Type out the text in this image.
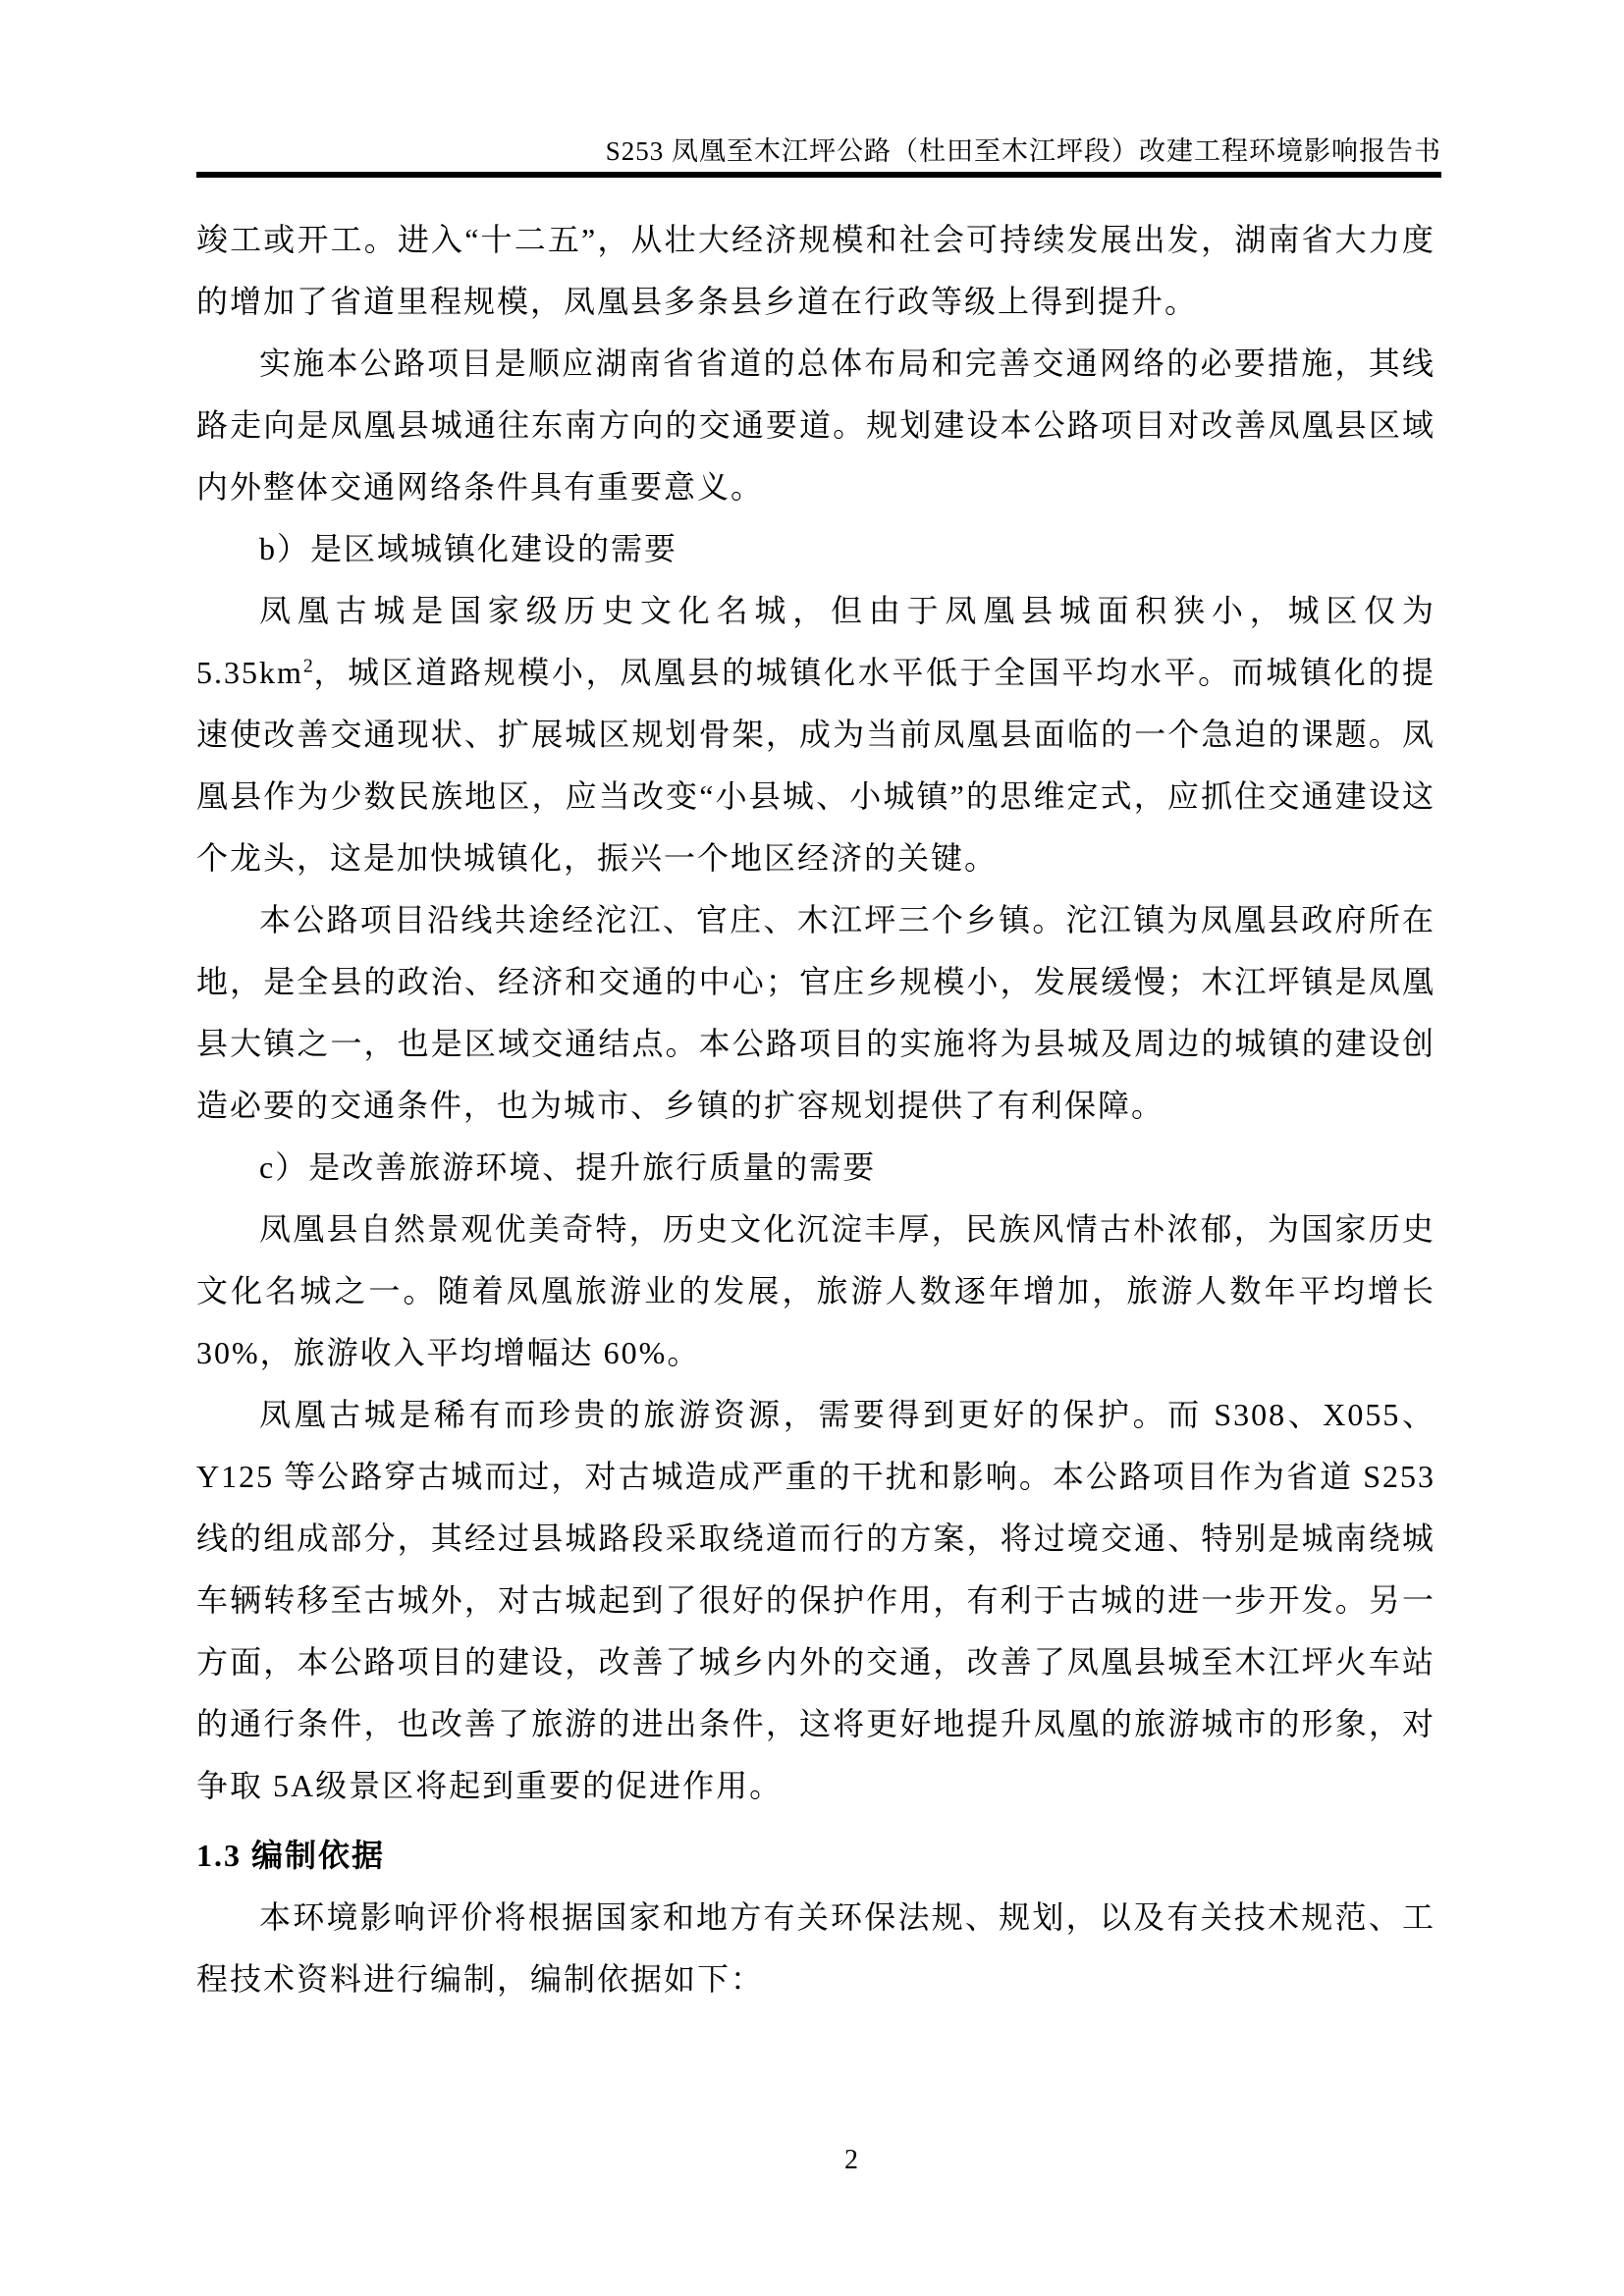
S253 凤凰至木江坪公路（杜田至木江坪段）改建工程环境影响报告书

竣工或开工。进入“十二五”，从壮大经济规模和社会可持续发展出发，湖南省大力度的增加了省道里程规模，凤凰县多条县乡道在行政等级上得到提升。

实施本公路项目是顺应湖南省省道的总体布局和完善交通网络的必要措施，其线路走向是凤凰县城通往东南方向的交通要道。规划建设本公路项目对改善凤凰县区域内外整体交通网络条件具有重要意义。

b）是区域城镇化建设的需要

凤凰古城是国家级历史文化名城，但由于凤凰县城面积狭小，城区仅为 $5.35km^2$，城区道路规模小，凤凰县的城镇化水平低于全国平均水平。而城镇化的提速使改善交通现状、扩展城区规划骨架，成为当前凤凰县面临的一个急迫的课题。凤凰县作为少数民族地区，应当改变“小县城、小城镇”的思维定式，应抓住交通建设这个龙头，这是加快城镇化，振兴一个地区经济的关键。

本公路项目沿线共途经沱江、官庄、木江坪三个乡镇。沱江镇为凤凰县政府所在地，是全县的政治、经济和交通的中心；官庄乡规模小，发展缓慢；木江坪镇是凤凰县大镇之一，也是区域交通结点。本公路项目的实施将为县城及周边的城镇的建设创造必要的交通条件，也为城市、乡镇的扩容规划提供了有利保障。

c）是改善旅游环境、提升旅行质量的需要

凤凰县自然景观优美奇特，历史文化沉淀丰厚，民族风情古朴浓郁，为国家历史文化名城之一。随着凤凰旅游业的发展，旅游人数逐年增加，旅游人数年平均增长30%，旅游收入平均增幅达 60%。

凤凰古城是稀有而珍贵的旅游资源，需要得到更好的保护。而 S308、X055、Y125 等公路穿古城而过，对古城造成严重的干扰和影响。本公路项目作为省道 S253 线的组成部分，其经过县城路段采取绕道而行的方案，将过境交通、特别是城南绕城车辆转移至古城外，对古城起到了很好的保护作用，有利于古城的进一步开发。另一方面，本公路项目的建设，改善了城乡内外的交通，改善了凤凰县城至木江坪火车站的通行条件，也改善了旅游的进出条件，这将更好地提升凤凰的旅游城市的形象，对争取 5A级景区将起到重要的促进作用。

1.3 编制依据

本环境影响评价将根据国家和地方有关环保法规、规划，以及有关技术规范、工程技术资料进行编制，编制依据如下：

2
